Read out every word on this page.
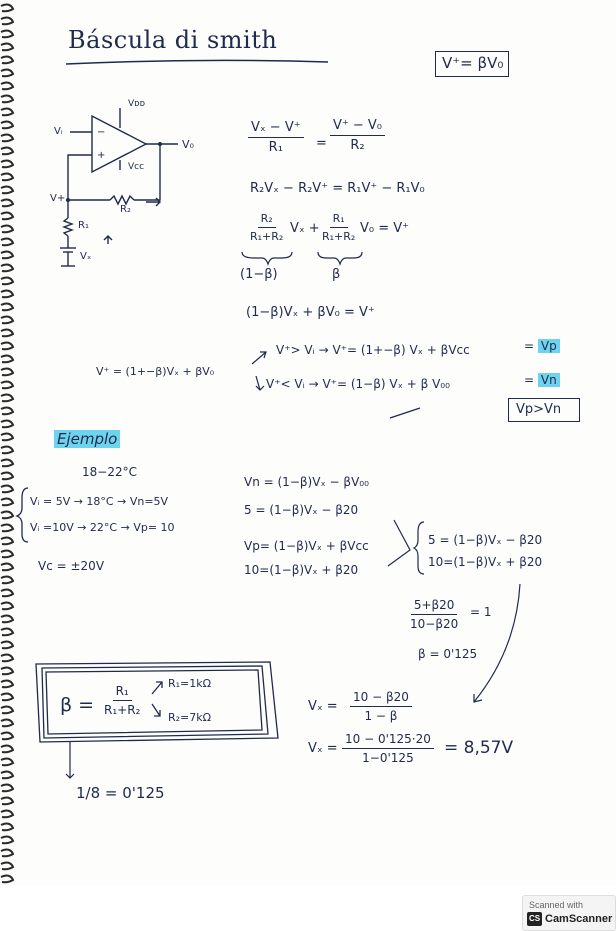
Báscula di smith
V⁺= βV₀
−
+
Vᵢ
Vᴅᴅ
Vcc
V₀
V+
R₂
R₁
Vₓ
$\frac{\text{Vₓ − V⁺}}{\text{R₁}} = \frac{\text{V⁺ − V₀}}{\text{R₂}}$
R₂Vₓ − R₂V⁺ = R₁V⁺ − R₁V₀
$\frac{\text{R₂}}{\text{R₁+R₂}}$ $V_x + \frac{\text{R₁}}{\text{R₁+R₂}} V_0 = V^+$
(1−β)	β
(1−β)Vₓ + βV₀ = V⁺
V⁺ = (1+−β)Vₓ + βV₀
V⁺> Vᵢ → V⁺= (1+−β) Vₓ + βVcc	= Vp
V⁺< Vᵢ → V⁺= (1−β) Vₓ + β V₀₀	= Vn
Vp>Vn
Ejemplo
18−22°C
Vᵢ = 5V → 18°C → Vn=5V
Vᵢ =10V → 22°C → Vp= 10
Vc = ±20V
Vn = (1−β)Vₓ − βV₀₀
5 = (1−β)Vₓ − β20
Vp= (1−β)Vₓ + βVcc
10=(1−β)Vₓ + β20
5 = (1−β)Vₓ − β20
10=(1−β)Vₓ + β20
$\frac{5+\beta 20}{10-\beta 20} = 1$
β = 0'125
$V_x = \frac{10 - \beta 20}{1 - \beta}$
$V_x = \frac{10 - 0'125\cdot 20}{1-0'125} = 8,57V$
$\beta = \frac{\text{R₁}}{\text{R₁+R₂}}$
R₁=1kΩ
R₂=7kΩ
1/8 = 0'125
Scanned with
CS CamScanner
